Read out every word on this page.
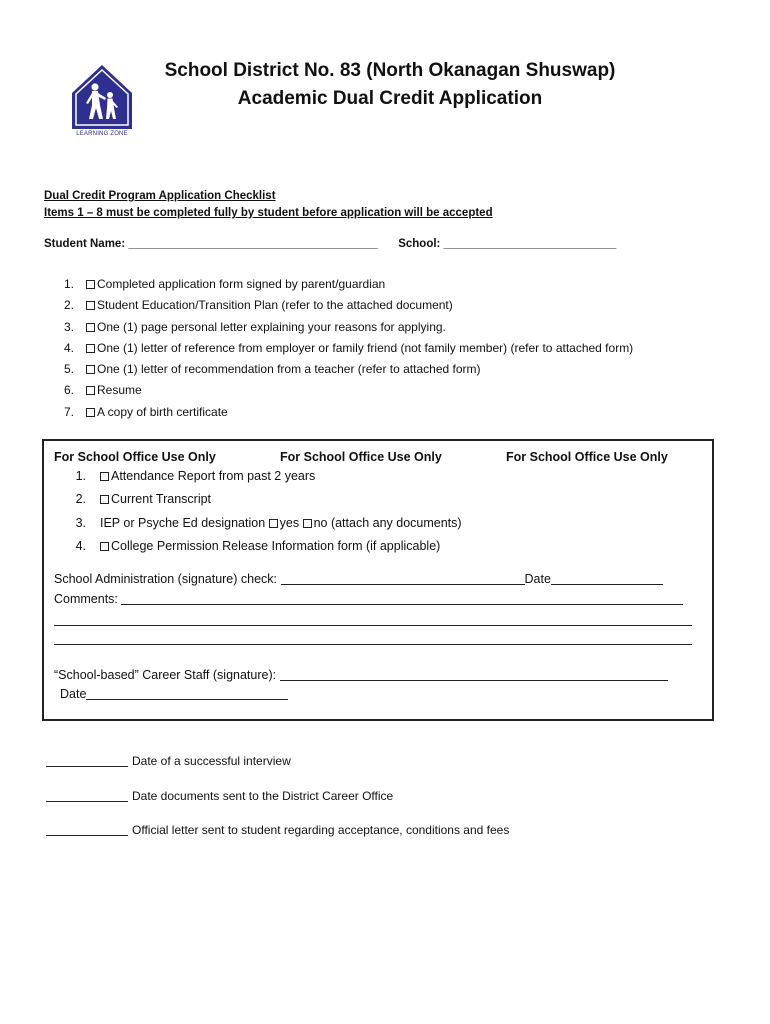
LEARNING ZONE
School District No. 83 (North Okanagan Shuswap)
Academic Dual Credit Application
Dual Credit Program Application Checklist
Items 1 – 8 must be completed fully by student before application will be accepted
Student Name: _______________________________________ School: ___________________________
1.	Completed application form signed by parent/guardian
2.	Student Education/Transition Plan (refer to the attached document)
3.	One (1) page personal letter explaining your reasons for applying.
4.	One (1) letter of reference from employer or family friend (not family member) (refer to attached form)
5.	One (1) letter of recommendation from a teacher (refer to attached form)
6.	Resume
7.	A copy of birth certificate
For School Office Use Only	For School Office Use Only	For School Office Use Only
1.	Attendance Report from past 2 years
2.	Current Transcript
3. IEP or Psyche Ed designation yes no (attach any documents)
4.	College Permission Release Information form (if applicable)
School Administration (signature) check:	Date
Comments:
“School-based” Career Staff (signature):
Date
Date of a successful interview
Date documents sent to the District Career Office
Official letter sent to student regarding acceptance, conditions and fees
